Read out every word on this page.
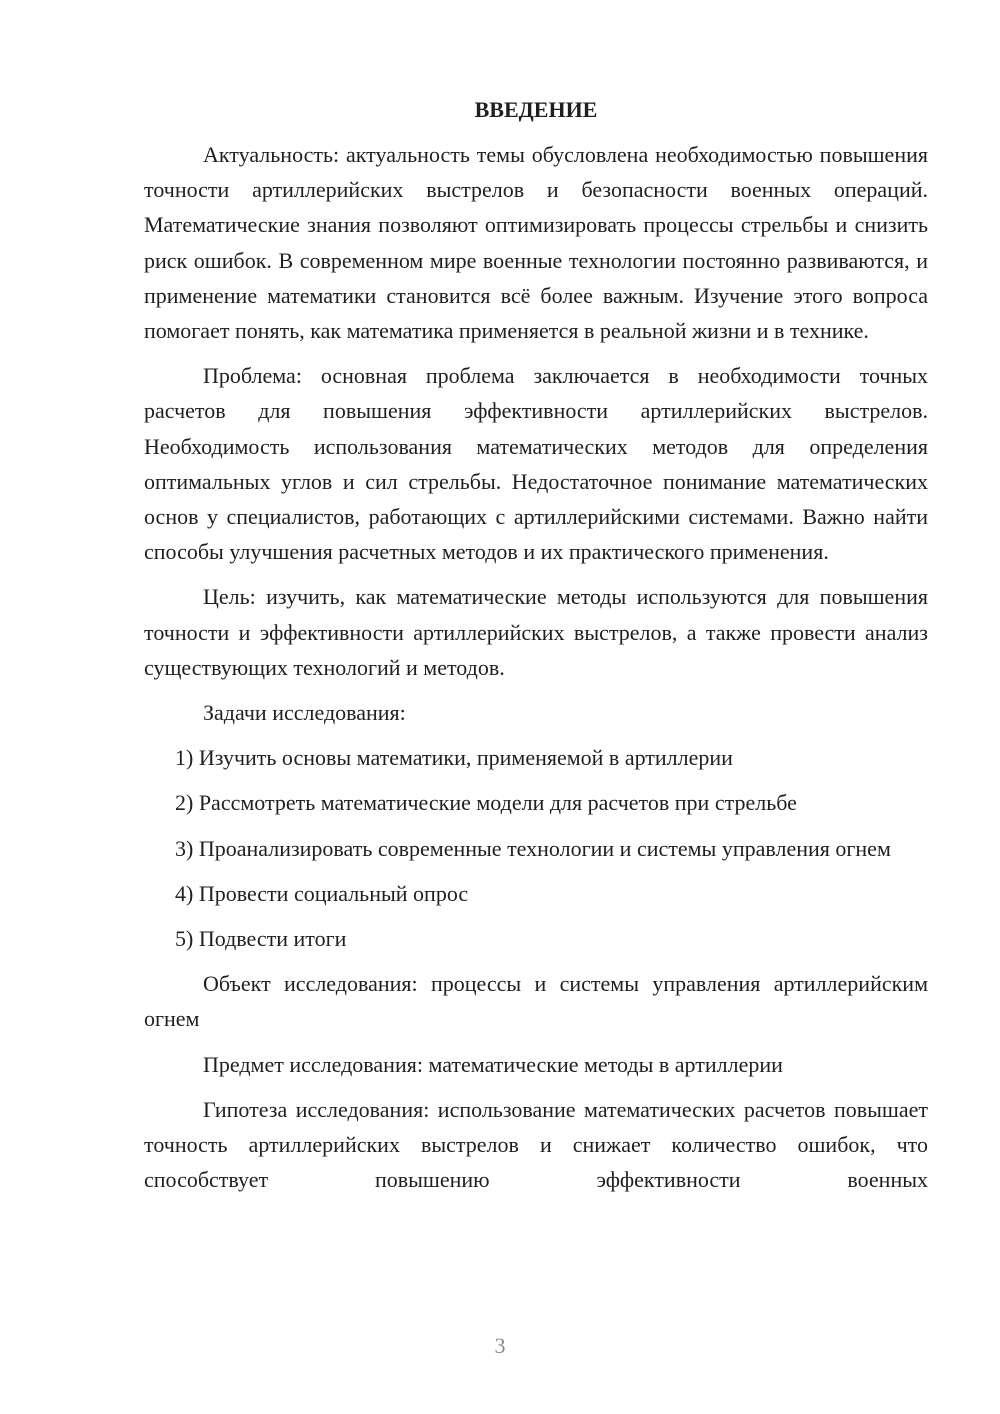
ВВЕДЕНИЕ

Актуальность: актуальность темы обусловлена необходимостью повышения точности артиллерийских выстрелов и безопасности военных операций. Математические знания позволяют оптимизировать процессы стрельбы и снизить риск ошибок. В современном мире военные технологии постоянно развиваются, и применение математики становится всё более важным. Изучение этого вопроса помогает понять, как математика применяется в реальной жизни и в технике.

Проблема: основная проблема заключается в необходимости точных расчетов для повышения эффективности артиллерийских выстрелов. Необходимость использования математических методов для определения оптимальных углов и сил стрельбы. Недостаточное понимание математических основ у специалистов, работающих с артиллерийскими системами. Важно найти способы улучшения расчетных методов и их практического применения.

Цель: изучить, как математические методы используются для повышения точности и эффективности артиллерийских выстрелов, а также провести анализ существующих технологий и методов.

Задачи исследования:

1) Изучить основы математики, применяемой в артиллерии

2) Рассмотреть математические модели для расчетов при стрельбе

3) Проанализировать современные технологии и системы управления огнем

4) Провести социальный опрос

5) Подвести итоги

Объект исследования: процессы и системы управления артиллерийским огнем

Предмет исследования: математические методы в артиллерии

Гипотеза исследования: использование математических расчетов повышает точность артиллерийских выстрелов и снижает количество ошибок, что способствует повышению эффективности военных

3
